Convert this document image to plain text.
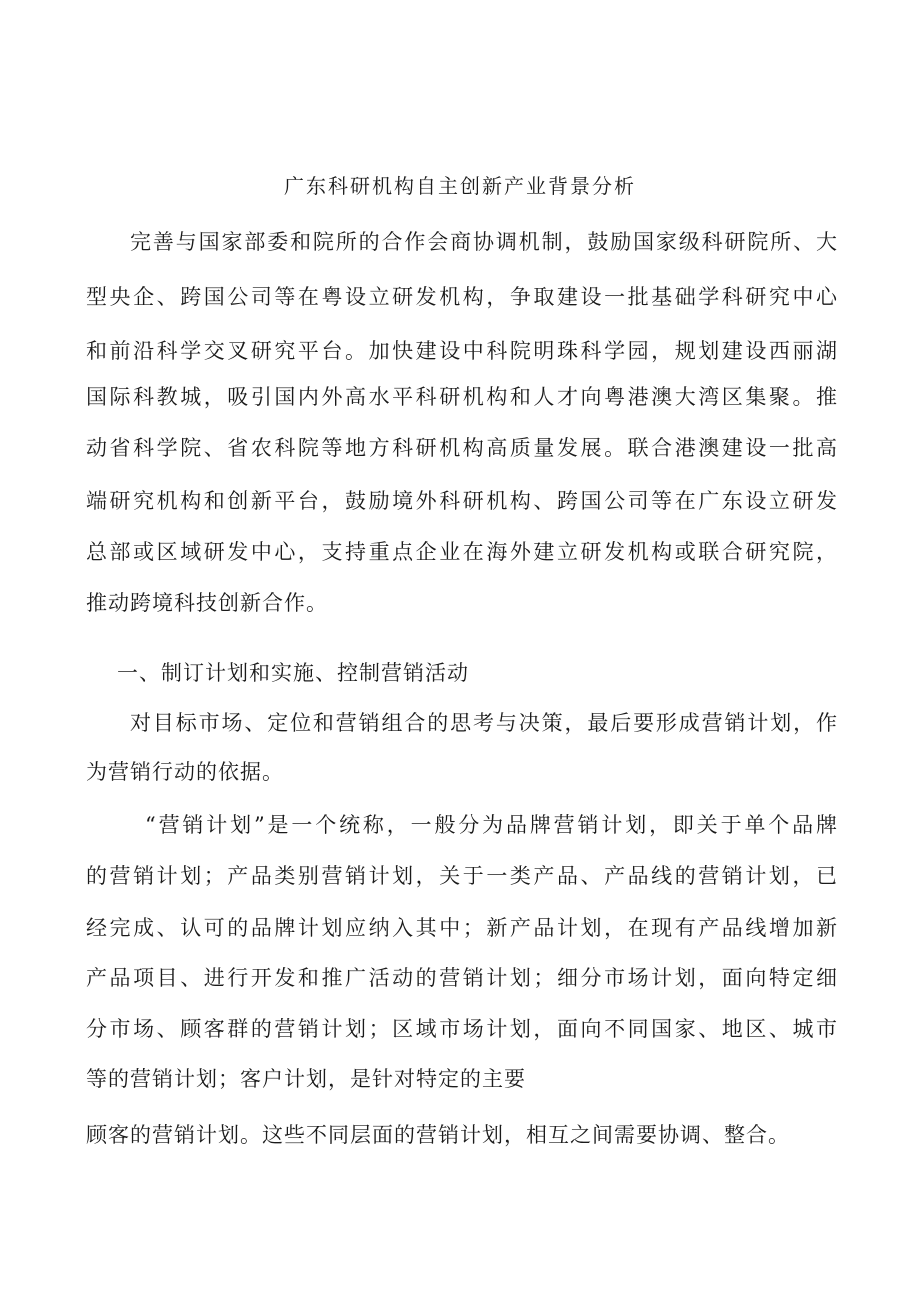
广东科研机构自主创新产业背景分析
完善与国家部委和院所的合作会商协调机制，鼓励国家级科研院所、大
型央企、跨国公司等在粤设立研发机构，争取建设一批基础学科研究中心
和前沿科学交叉研究平台。加快建设中科院明珠科学园，规划建设西丽湖
国际科教城，吸引国内外高水平科研机构和人才向粤港澳大湾区集聚。推
动省科学院、省农科院等地方科研机构高质量发展。联合港澳建设一批高
端研究机构和创新平台，鼓励境外科研机构、跨国公司等在广东设立研发
总部或区域研发中心，支持重点企业在海外建立研发机构或联合研究院，
推动跨境科技创新合作。
一、制订计划和实施、控制营销活动
对目标市场、定位和营销组合的思考与决策，最后要形成营销计划，作
为营销行动的依据。
“营销计划”是一个统称，一般分为品牌营销计划，即关于单个品牌
的营销计划；产品类别营销计划，关于一类产品、产品线的营销计划，已
经完成、认可的品牌计划应纳入其中；新产品计划，在现有产品线增加新
产品项目、进行开发和推广活动的营销计划；细分市场计划，面向特定细
分市场、顾客群的营销计划；区域市场计划，面向不同国家、地区、城市
等的营销计划；客户计划，是针对特定的主要
顾客的营销计划。这些不同层面的营销计划，相互之间需要协调、整合。
